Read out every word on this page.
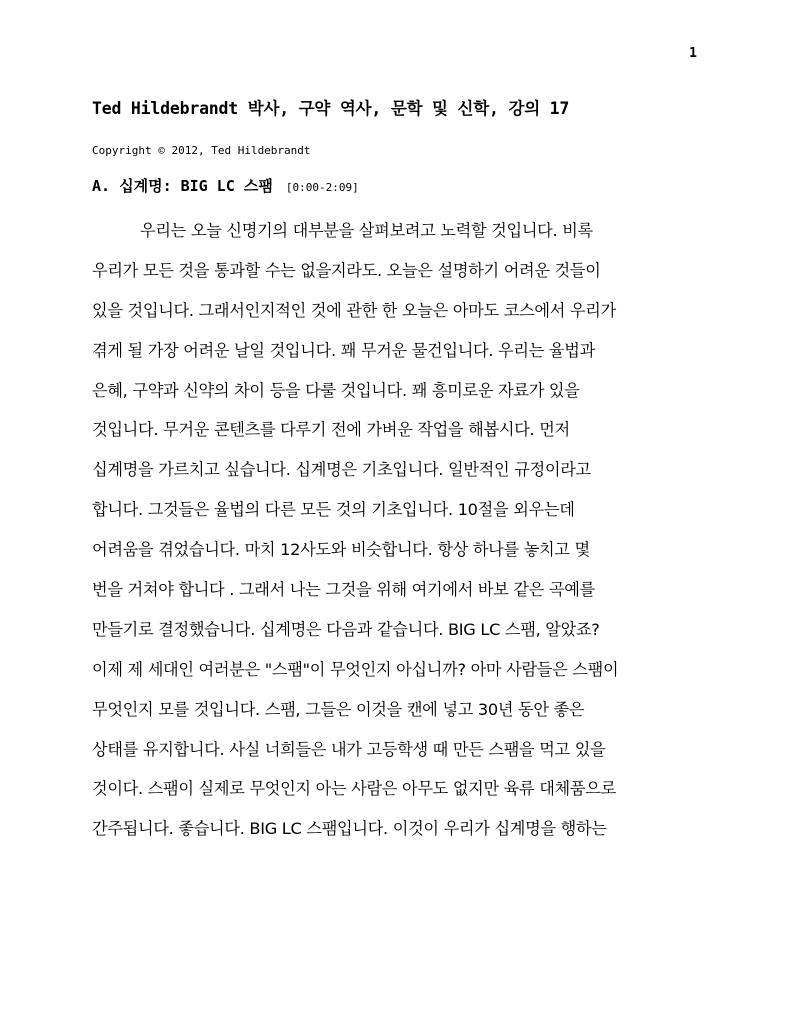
1
Ted Hildebrandt 박사, 구약 역사, 문학 및 신학, 강의 17
Copyright © 2012, Ted Hildebrandt
A. 십계명: BIG LC 스팸 [0:00-2:09]
우리는 오늘 신명기의 대부분을 살펴보려고 노력할 것입니다. 비록
우리가 모든 것을 통과할 수는 없을지라도. 오늘은 설명하기 어려운 것들이
있을 것입니다. 그래서인지적인 것에 관한 한 오늘은 아마도 코스에서 우리가
겪게 될 가장 어려운 날일 것입니다. 꽤 무거운 물건입니다. 우리는 율법과
은혜, 구약과 신약의 차이 등을 다룰 것입니다. 꽤 흥미로운 자료가 있을
것입니다. 무거운 콘텐츠를 다루기 전에 가벼운 작업을 해봅시다. 먼저
십계명을 가르치고 싶습니다. 십계명은 기초입니다. 일반적인 규정이라고
합니다. 그것들은 율법의 다른 모든 것의 기초입니다. 10절을 외우는데
어려움을 겪었습니다. 마치 12사도와 비슷합니다. 항상 하나를 놓치고 몇
번을 거쳐야 합니다 . 그래서 나는 그것을 위해 여기에서 바보 같은 곡예를
만들기로 결정했습니다. 십계명은 다음과 같습니다. BIG LC 스팸, 알았죠?
이제 제 세대인 여러분은 "스팸"이 무엇인지 아십니까? 아마 사람들은 스팸이
무엇인지 모를 것입니다. 스팸, 그들은 이것을 캔에 넣고 30년 동안 좋은
상태를 유지합니다. 사실 너희들은 내가 고등학생 때 만든 스팸을 먹고 있을
것이다. 스팸이 실제로 무엇인지 아는 사람은 아무도 없지만 육류 대체품으로
간주됩니다. 좋습니다. BIG LC 스팸입니다. 이것이 우리가 십계명을 행하는
